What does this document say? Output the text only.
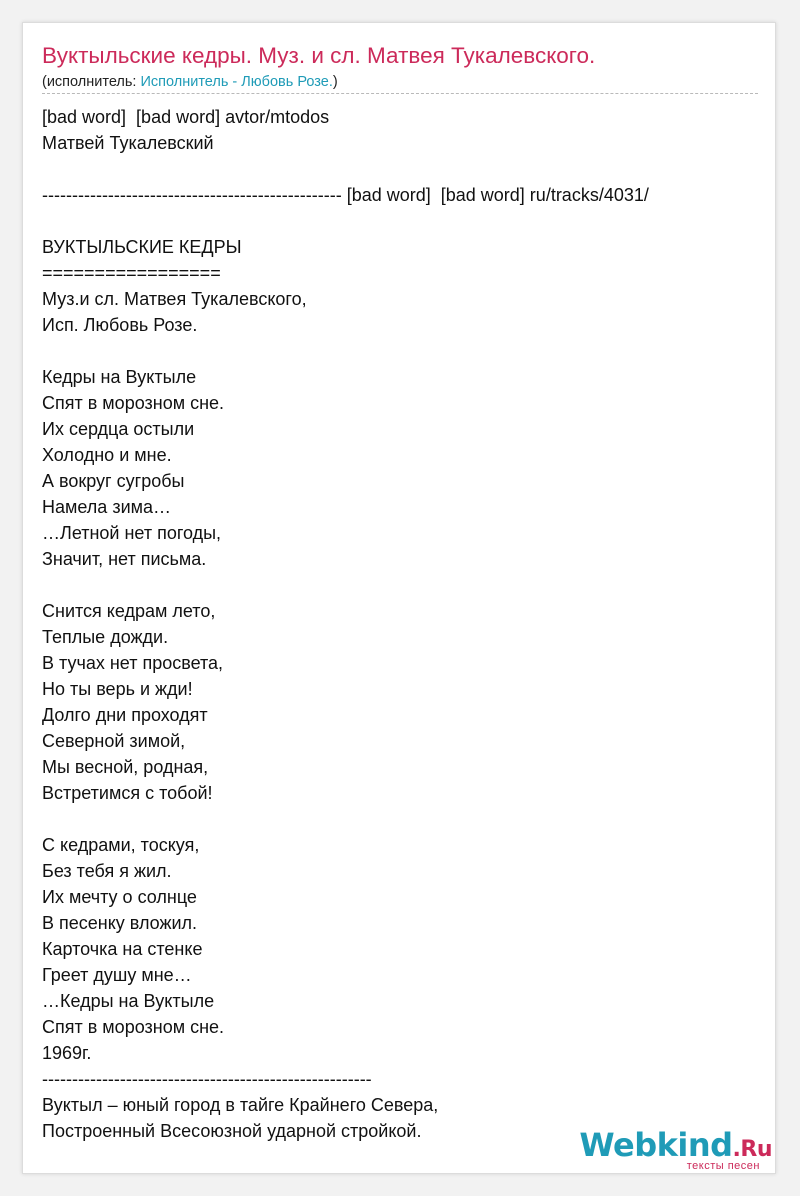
Вуктыльские кедры. Муз. и сл. Матвея Тукалевского.
(исполнитель: Исполнитель - Любовь Розе.)
[bad word]  [bad word] avtor/mtodos
Матвей Тукалевский
-------------------------------------------------- [bad word]  [bad word] ru/tracks/4031/
ВУКТЫЛЬСКИЕ КЕДРЫ
=================
Муз.и сл. Матвея Тукалевского,
Исп. Любовь Розе.
Кедры на Вуктыле
Спят в морозном сне.
Их сердца остыли
Холодно и мне.
А вокруг сугробы
Намела зима…
…Летной нет погоды,
Значит, нет письма.
Снится кедрам лето,
Теплые дожди.
В тучах нет просвета,
Но ты верь и жди!
Долго дни проходят
Северной зимой,
Мы весной, родная,
Встретимся с тобой!
С кедрами, тоскуя,
Без тебя я жил.
Их мечту о солнце
В песенку вложил.
Карточка на стенке
Греет душу мне…
…Кедры на Вуктыле
Спят в морозном сне.
1969г.
-------------------------------------------------------
Вуктыл – юный город в тайге Крайнего Севера,
Построенный Всесоюзной ударной стройкой.	Webkind.Ru
тексты песен
